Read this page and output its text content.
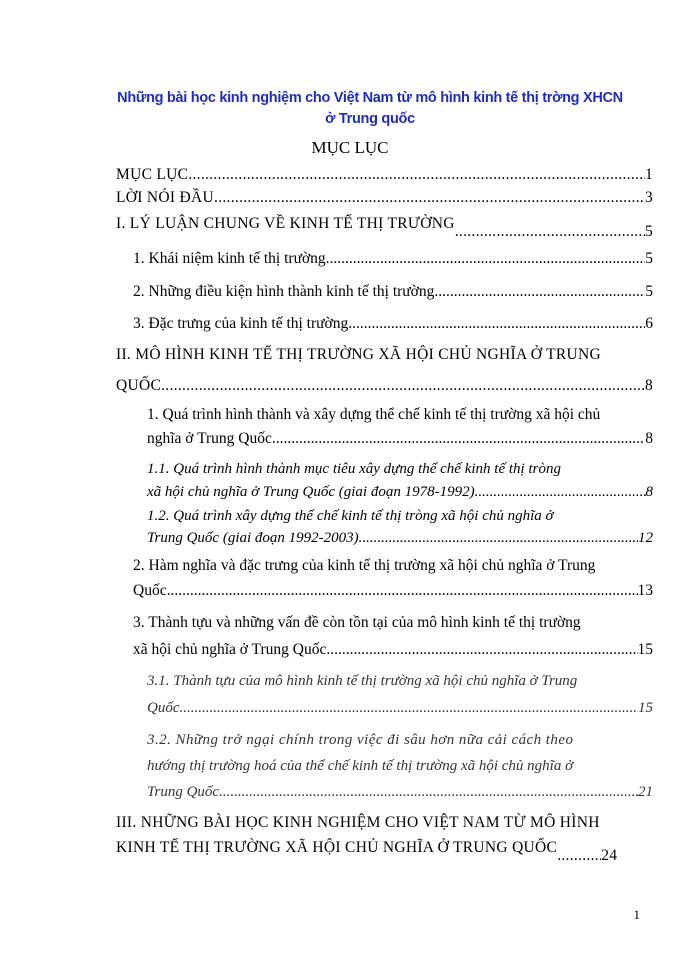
Những bài học kinh nghiệm cho Việt Nam từ mô hình kinh tế thị trờng XHCN
ở Trung quốc
MỤC LỤC
MỤC LỤC .....	1
LỜI NÓI ĐẦU .....	3
I. LÝ LUẬN CHUNG VỀ KINH TẾ THỊ TRƯỜNG .....	5
1. Khái niệm kinh tế thị trường .....	5
2. Những điều kiện hình thành kinh tế thị trường .....	5
3. Đặc trưng của kinh tế thị trường .....	6
II. MÔ HÌNH KINH TẾ THỊ TRƯỜNG XÃ HỘI CHỦ NGHĨA Ở TRUNG
QUỐC .....	8
1. Quá trình hình thành và xây dựng thể chế kinh tế thị trường xã hội chủ
nghĩa ở Trung Quốc .....	8
1.1. Quá trình hình thành mục tiêu xây dựng thể chế kinh tế thị tròng
xã hội chủ nghĩa ở Trung Quốc (giai đoạn 1978-1992) .....	8
1.2. Quá trình xây dựng thể chế kinh tế thị tròng xã hội chủ nghĩa ở
Trung Quốc (giai đoạn 1992-2003) .....	12
2. Hàm nghĩa và đặc trưng của kinh tế thị trường xã hội chủ nghĩa ở Trung
Quốc .....	13
3. Thành tựu và những vấn đề còn tồn tại của mô hình kinh tế thị trường
xã hội chủ nghĩa ở Trung Quốc .....	15
3.1. Thành tựu của mô hình kinh tế thị trường xã hội chủ nghĩa ở Trung
Quốc .....	15
3.2. Những trở ngại chính trong việc đi sâu hơn nữa cải cách theo
hướng thị trường hoá của thể chế kinh tế thị trường xã hội chủ nghĩa ở
Trung Quốc .....	21
III. NHỮNG BÀI HỌC KINH NGHIỆM CHO VIỆT NAM TỪ MÔ HÌNH
KINH TẾ THỊ TRƯỜNG XÃ HỘI CHỦ NGHĨA Ở TRUNG QUỐC .....	24
1
